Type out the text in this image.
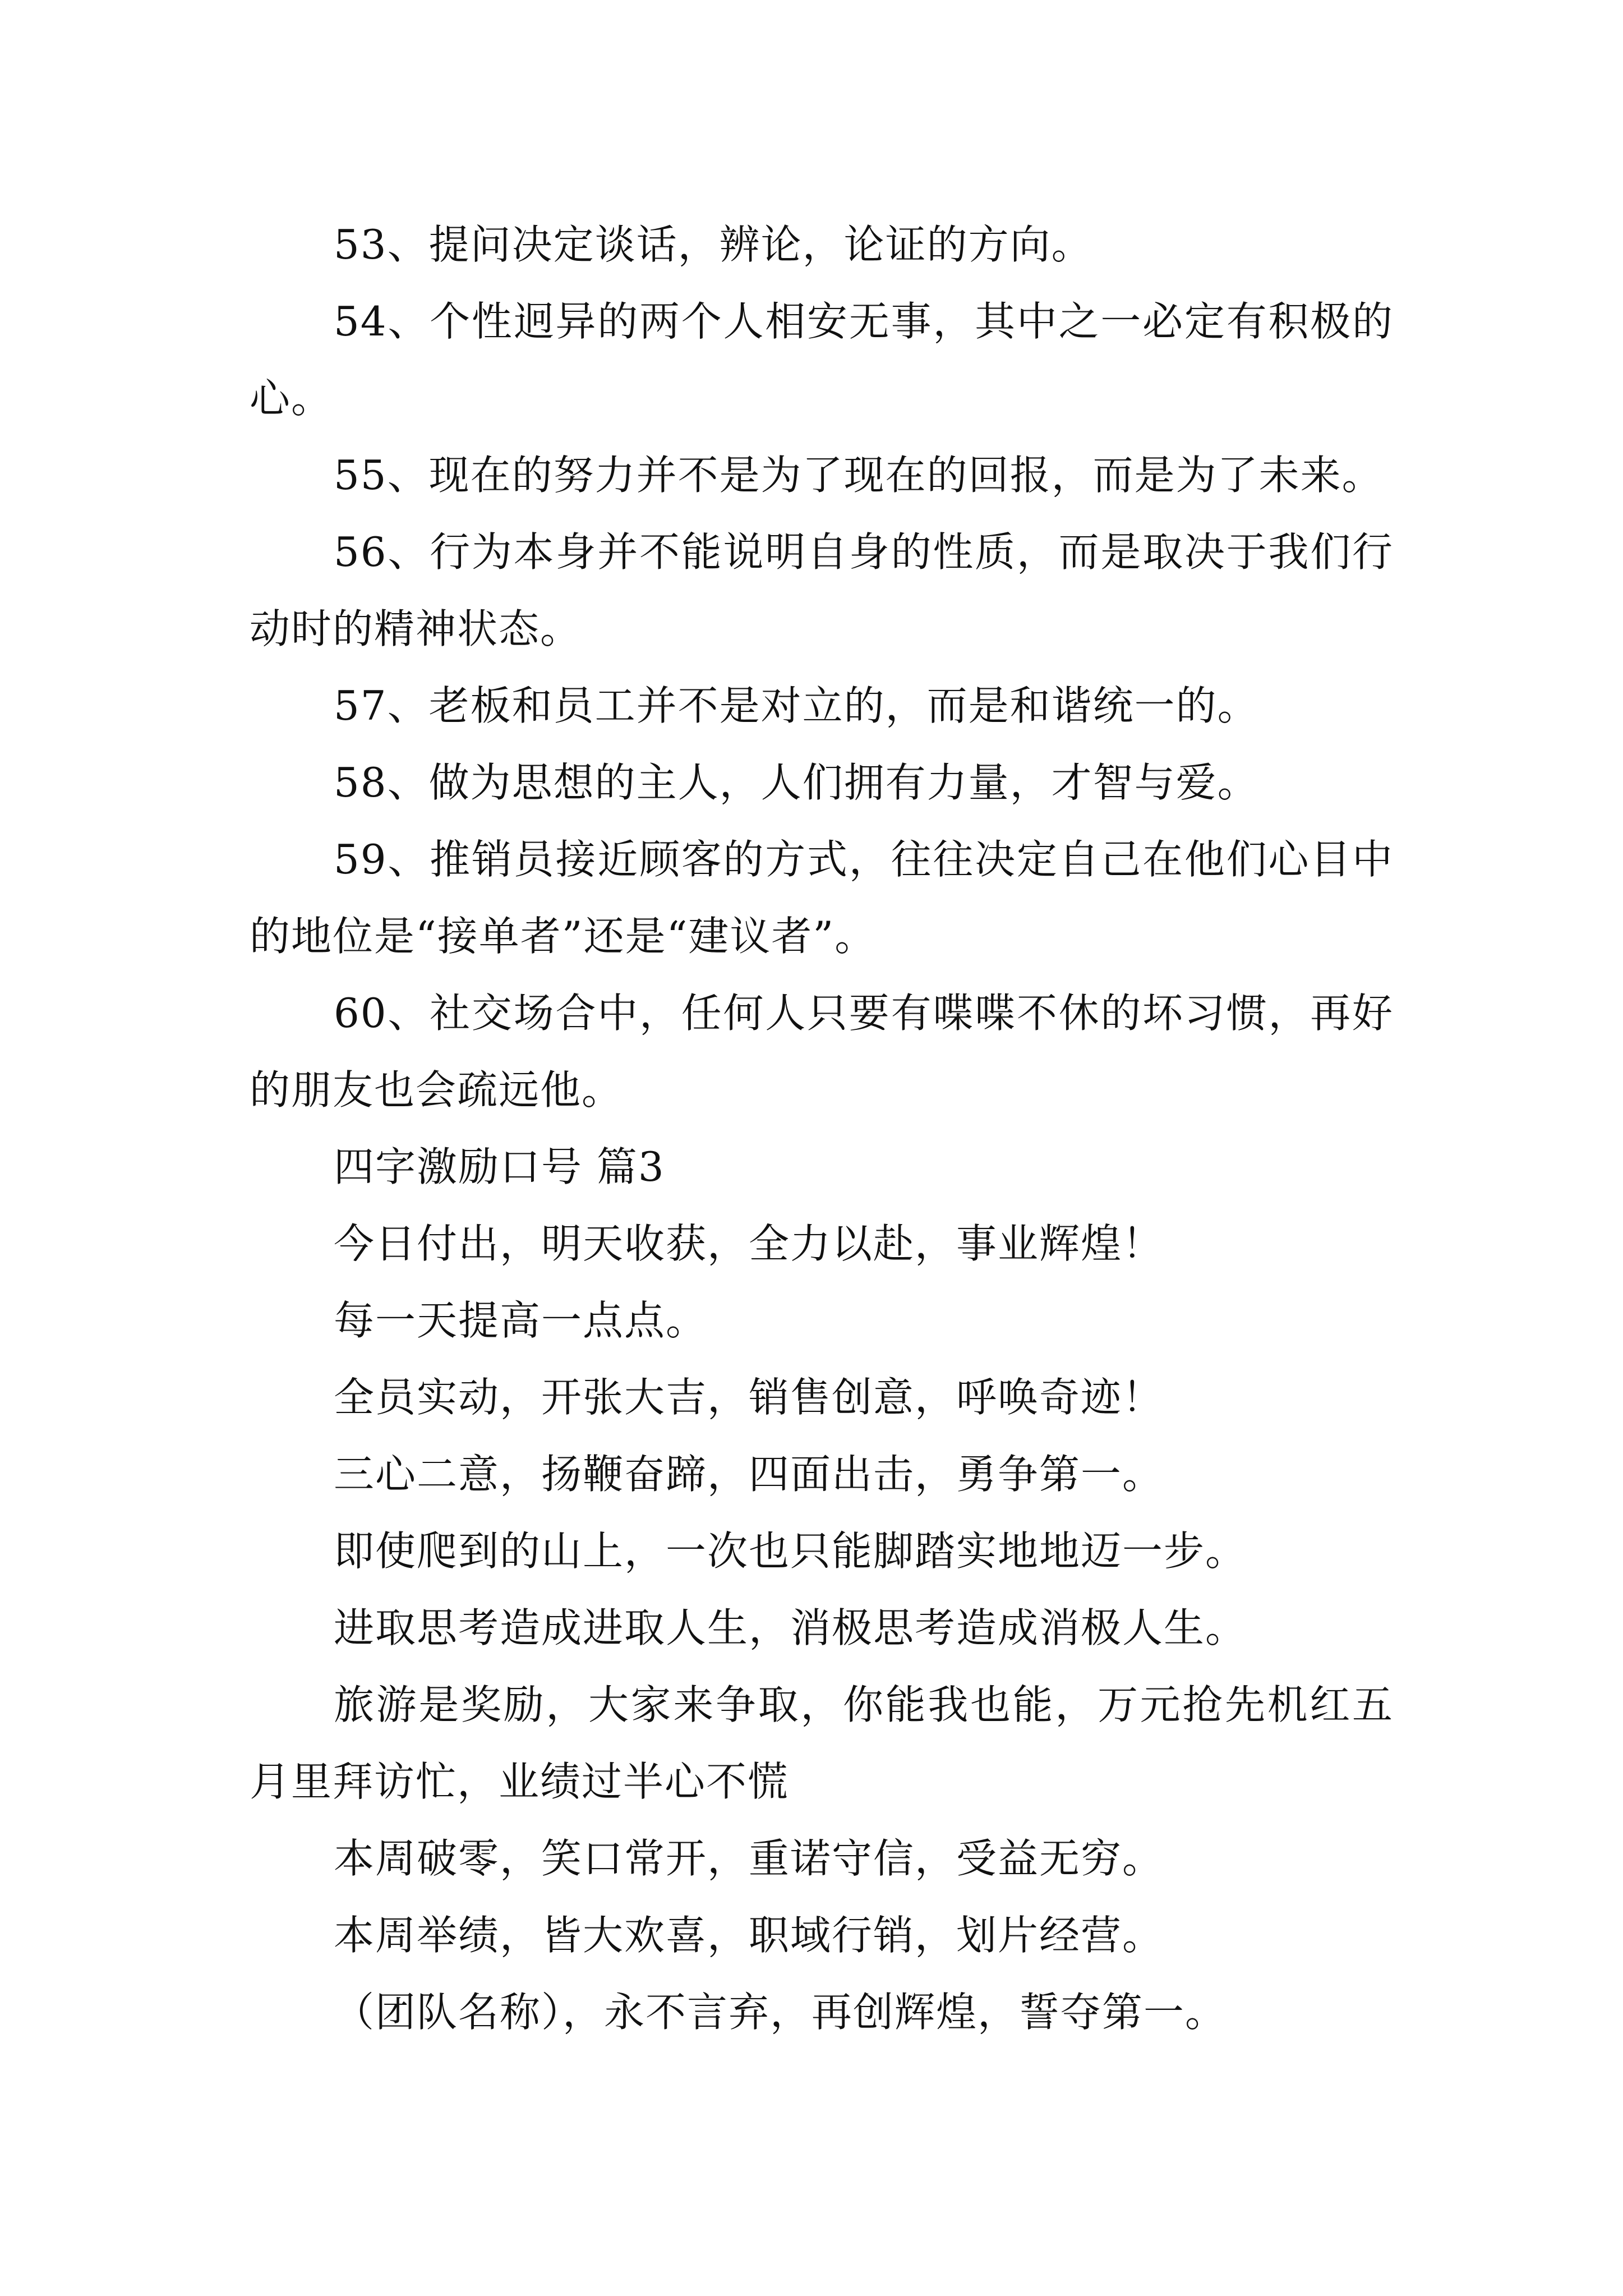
53、提问决定谈话，辨论，论证的方向。

54、个性迥异的两个人相安无事，其中之一必定有积极的心。

55、现在的努力并不是为了现在的回报，而是为了未来。

56、行为本身并不能说明自身的性质，而是取决于我们行动时的精神状态。

57、老板和员工并不是对立的，而是和谐统一的。

58、做为思想的主人，人们拥有力量，才智与爱。

59、推销员接近顾客的方式，往往决定自己在他们心目中的地位是“接单者”还是“建议者”。

60、社交场合中，任何人只要有喋喋不休的坏习惯，再好的朋友也会疏远他。

四字激励口号 篇3

今日付出，明天收获，全力以赴，事业辉煌！

每一天提高一点点。

全员实动，开张大吉，销售创意，呼唤奇迹！

三心二意，扬鞭奋蹄，四面出击，勇争第一。

即使爬到的山上，一次也只能脚踏实地地迈一步。

进取思考造成进取人生，消极思考造成消极人生。

旅游是奖励，大家来争取，你能我也能，万元抢先机红五月里拜访忙，业绩过半心不慌

本周破零，笑口常开，重诺守信，受益无穷。

本周举绩，皆大欢喜，职域行销，划片经营。

（团队名称），永不言弃，再创辉煌，誓夺第一。
